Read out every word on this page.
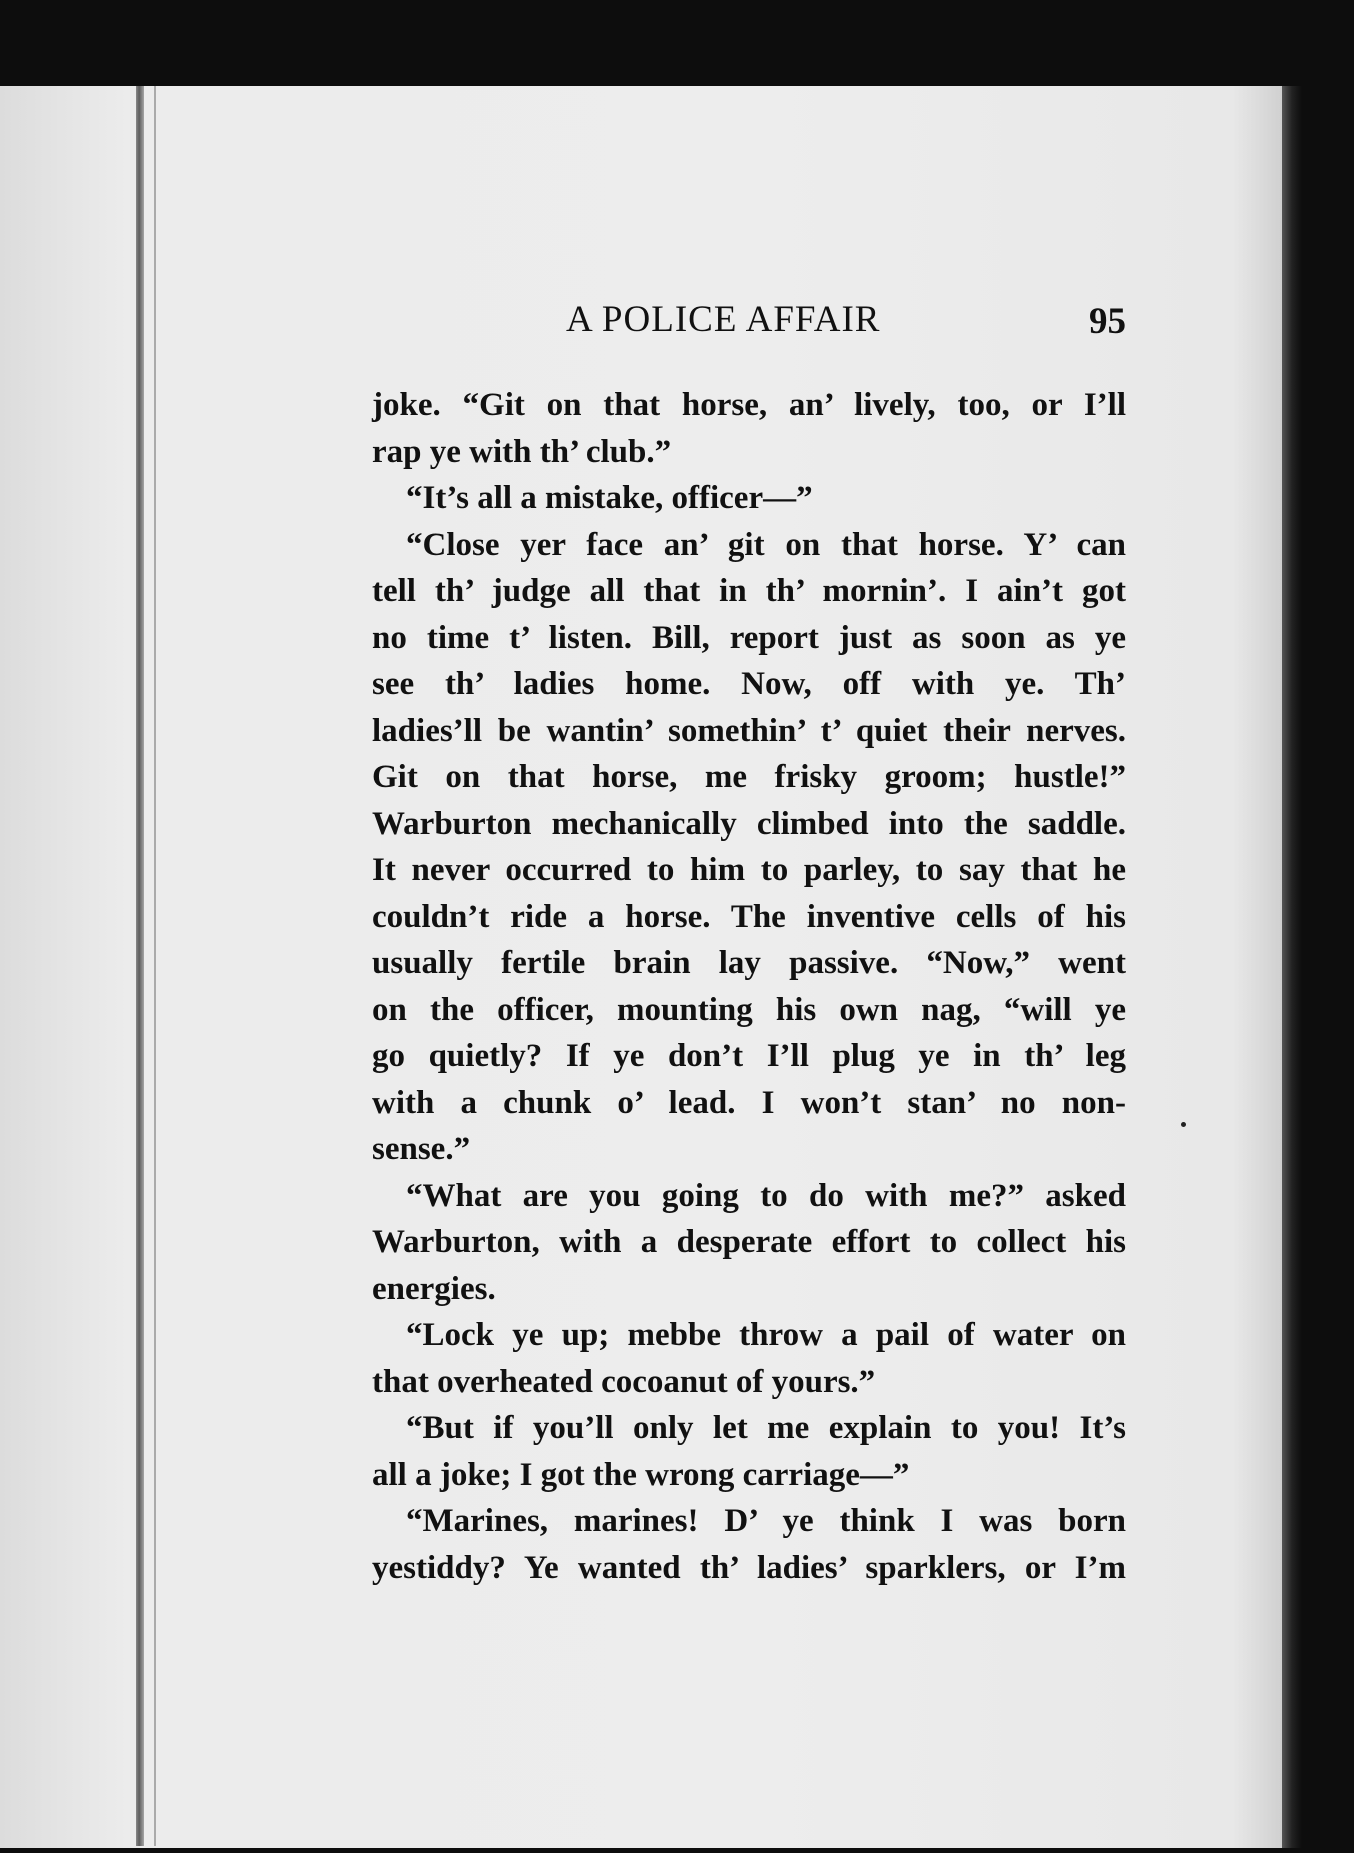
A POLICE AFFAIR	95
joke. “Git on that horse, an’ lively, too, or I’ll
rap ye with th’ club.”
“It’s all a mistake, officer—”
“Close yer face an’ git on that horse. Y’ can
tell th’ judge all that in th’ mornin’. I ain’t got
no time t’ listen. Bill, report just as soon as ye
see th’ ladies home. Now, off with ye. Th’
ladies’ll be wantin’ somethin’ t’ quiet their nerves.
Git on that horse, me frisky groom; hustle!”
Warburton mechanically climbed into the saddle.
It never occurred to him to parley, to say that he
couldn’t ride a horse. The inventive cells of his
usually fertile brain lay passive. “Now,” went
on the officer, mounting his own nag, “will ye
go quietly? If ye don’t I’ll plug ye in th’ leg
with a chunk o’ lead. I won’t stan’ no non-
sense.”
“What are you going to do with me?” asked
Warburton, with a desperate effort to collect his
energies.
“Lock ye up; mebbe throw a pail of water on
that overheated cocoanut of yours.”
“But if you’ll only let me explain to you! It’s
all a joke; I got the wrong carriage—”
“Marines, marines! D’ ye think I was born
yestiddy? Ye wanted th’ ladies’ sparklers, or I’m
